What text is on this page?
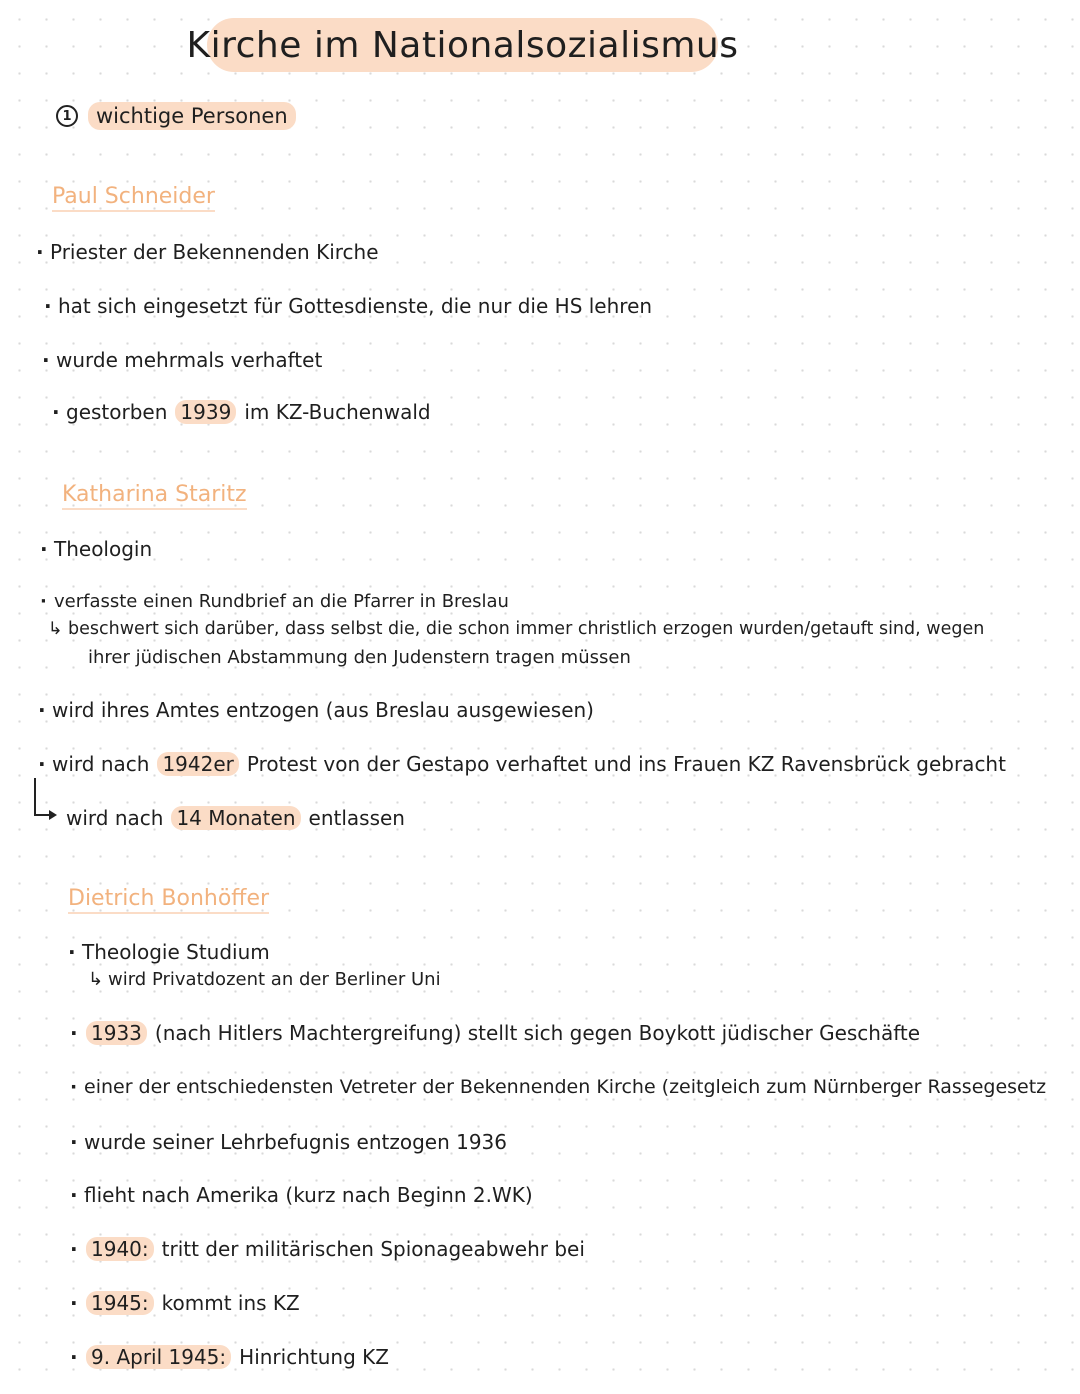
Kirche im Nationalsozialismus
1	wichtige Personen
Paul Schneider
· Priester der Bekennenden Kirche
· hat sich eingesetzt für Gottesdienste, die nur die HS lehren
· wurde mehrmals verhaftet
· gestorben 1939 im KZ-Buchenwald
Katharina Staritz
· Theologin
· verfasste einen Rundbrief an die Pfarrer in Breslau
↳ beschwert sich darüber, dass selbst die, die schon immer christlich erzogen wurden/getauft sind, wegen
ihrer jüdischen Abstammung den Judenstern tragen müssen
· wird ihres Amtes entzogen (aus Breslau ausgewiesen)
· wird nach 1942er Protest von der Gestapo verhaftet und ins Frauen KZ Ravensbrück gebracht
wird nach 14 Monaten entlassen
Dietrich Bonhöffer
· Theologie Studium
↳ wird Privatdozent an der Berliner Uni
· 1933 (nach Hitlers Machtergreifung) stellt sich gegen Boykott jüdischer Geschäfte
· einer der entschiedensten Vetreter der Bekennenden Kirche (zeitgleich zum Nürnberger Rassegesetz
· wurde seiner Lehrbefugnis entzogen 1936
· flieht nach Amerika (kurz nach Beginn 2.WK)
· 1940: tritt der militärischen Spionageabwehr bei
· 1945: kommt ins KZ
· 9. April 1945: Hinrichtung KZ
